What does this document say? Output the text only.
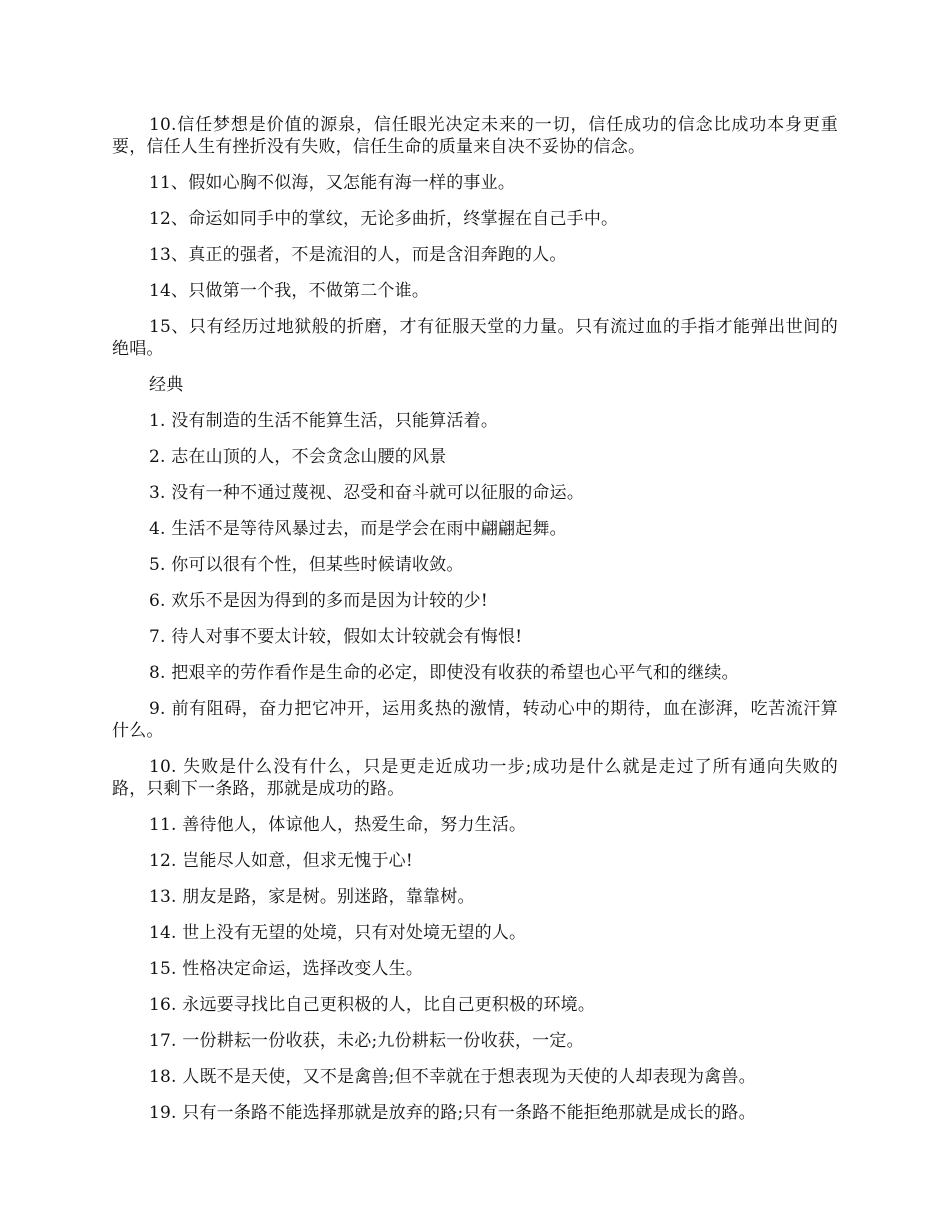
10.信任梦想是价值的源泉，信任眼光决定未来的一切，信任成功的信念比成功本身更重要，信任人生有挫折没有失败，信任生命的质量来自决不妥协的信念。

11、假如心胸不似海，又怎能有海一样的事业。

12、命运如同手中的掌纹，无论多曲折，终掌握在自己手中。

13、真正的强者，不是流泪的人，而是含泪奔跑的人。

14、只做第一个我，不做第二个谁。

15、只有经历过地狱般的折磨，才有征服天堂的力量。只有流过血的手指才能弹出世间的绝唱。

经典

1. 没有制造的生活不能算生活，只能算活着。

2. 志在山顶的人，不会贪念山腰的风景

3. 没有一种不通过蔑视、忍受和奋斗就可以征服的命运。

4. 生活不是等待风暴过去，而是学会在雨中翩翩起舞。

5. 你可以很有个性，但某些时候请收敛。

6. 欢乐不是因为得到的多而是因为计较的少!

7. 待人对事不要太计较，假如太计较就会有悔恨!

8. 把艰辛的劳作看作是生命的必定，即使没有收获的希望也心平气和的继续。

9. 前有阻碍，奋力把它冲开，运用炙热的激情，转动心中的期待，血在澎湃，吃苦流汗算什么。

10. 失败是什么没有什么，只是更走近成功一步;成功是什么就是走过了所有通向失败的路，只剩下一条路，那就是成功的路。

11. 善待他人，体谅他人，热爱生命，努力生活。

12. 岂能尽人如意，但求无愧于心!

13. 朋友是路，家是树。别迷路，靠靠树。

14. 世上没有无望的处境，只有对处境无望的人。

15. 性格决定命运，选择改变人生。

16. 永远要寻找比自己更积极的人，比自己更积极的环境。

17. 一份耕耘一份收获，未必;九份耕耘一份收获，一定。

18. 人既不是天使，又不是禽兽;但不幸就在于想表现为天使的人却表现为禽兽。

19. 只有一条路不能选择那就是放弃的路;只有一条路不能拒绝那就是成长的路。
